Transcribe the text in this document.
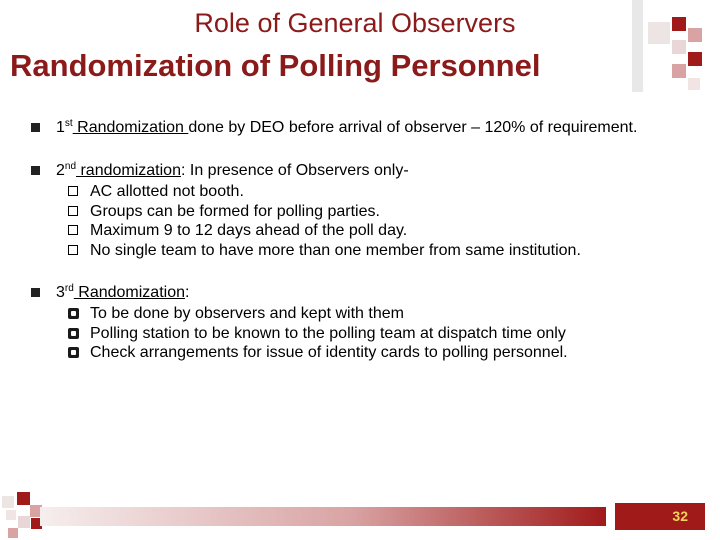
Role of General Observers
Randomization of Polling Personnel
1st Randomization done by DEO before arrival of observer – 120% of requirement.
2nd randomization: In presence of Observers only-
AC allotted not booth.
Groups can be formed for polling parties.
Maximum 9 to 12 days ahead of the poll day.
No single team to have more than one member from same institution.
3rd Randomization:
To be done by observers and kept with them
Polling station to be known to the polling team at dispatch time only
Check arrangements for issue of identity cards to polling personnel.
32
